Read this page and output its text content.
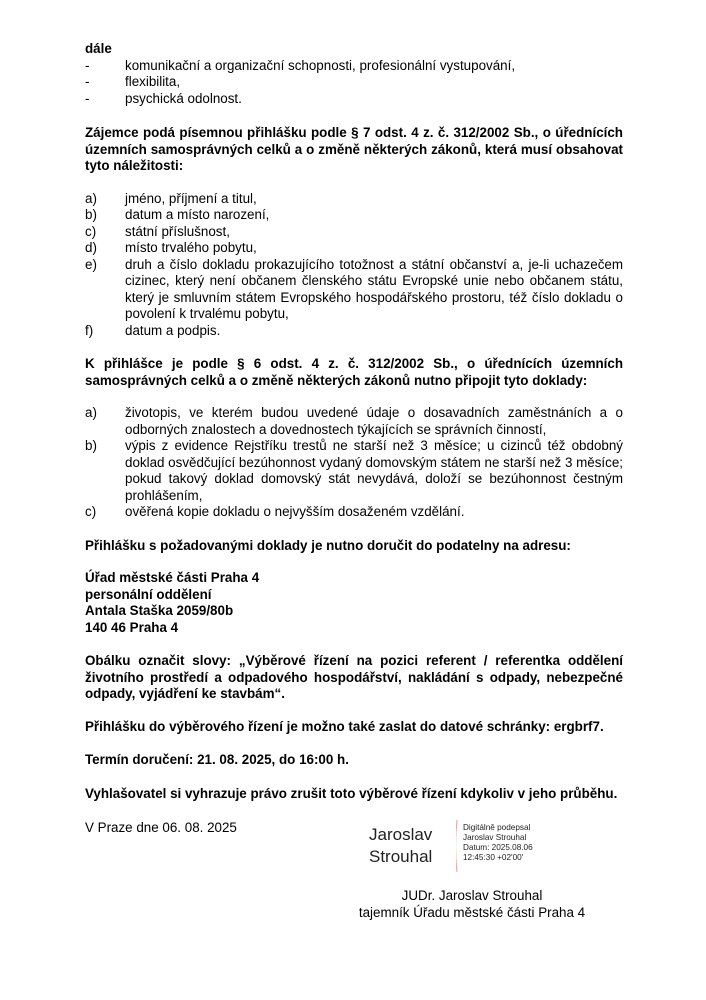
dále
-	komunikační a organizační schopnosti, profesionální vystupování,
-	flexibilita,
-	psychická odolnost.

Zájemce podá písemnou přihlášku podle § 7 odst. 4 z. č. 312/2002 Sb., o úřednících územních samosprávných celků a o změně některých zákonů, která musí obsahovat tyto náležitosti:

a)	jméno, příjmení a titul,
b)	datum a místo narození,
c)	státní příslušnost,
d)	místo trvalého pobytu,
e)	druh a číslo dokladu prokazujícího totožnost a státní občanství a, je-li uchazečem cizinec, který není občanem členského státu Evropské unie nebo občanem státu, který je smluvním státem Evropského hospodářského prostoru, též číslo dokladu o povolení k trvalému pobytu,
f)	datum a podpis.

K přihlášce je podle § 6 odst. 4 z. č. 312/2002 Sb., o úřednících územních samosprávných celků a o změně některých zákonů nutno připojit tyto doklady:

a)	životopis, ve kterém budou uvedené údaje o dosavadních zaměstnáních a o odborných znalostech a dovednostech týkajících se správních činností,
b)	výpis z evidence Rejstříku trestů ne starší než 3 měsíce; u cizinců též obdobný doklad osvědčující bezúhonnost vydaný domovským státem ne starší než 3 měsíce; pokud takový doklad domovský stát nevydává, doloží se bezúhonnost čestným prohlášením,
c)	ověřená kopie dokladu o nejvyšším dosaženém vzdělání.

Přihlášku s požadovanými doklady je nutno doručit do podatelny na adresu:

Úřad městské části Praha 4
personální oddělení
Antala Staška 2059/80b
140 46 Praha 4

Obálku označit slovy: „Výběrové řízení na pozici referent / referentka oddělení životního prostředí a odpadového hospodářství, nakládání s odpady, nebezpečné odpady, vyjádření ke stavbám“.

Přihlášku do výběrového řízení je možno také zaslat do datové schránky: ergbrf7.

Termín doručení: 21. 08. 2025, do 16:00 h.

Vyhlašovatel si vyhrazuje právo zrušit toto výběrové řízení kdykoliv v jeho průběhu.

V Praze dne 06. 08. 2025	Jaroslav
Strouhal
Digitálně podepsal
Jaroslav Strouhal
Datum: 2025.08.06
12:45:30 +02'00'
JUDr. Jaroslav Strouhal
tajemník Úřadu městské části Praha 4
